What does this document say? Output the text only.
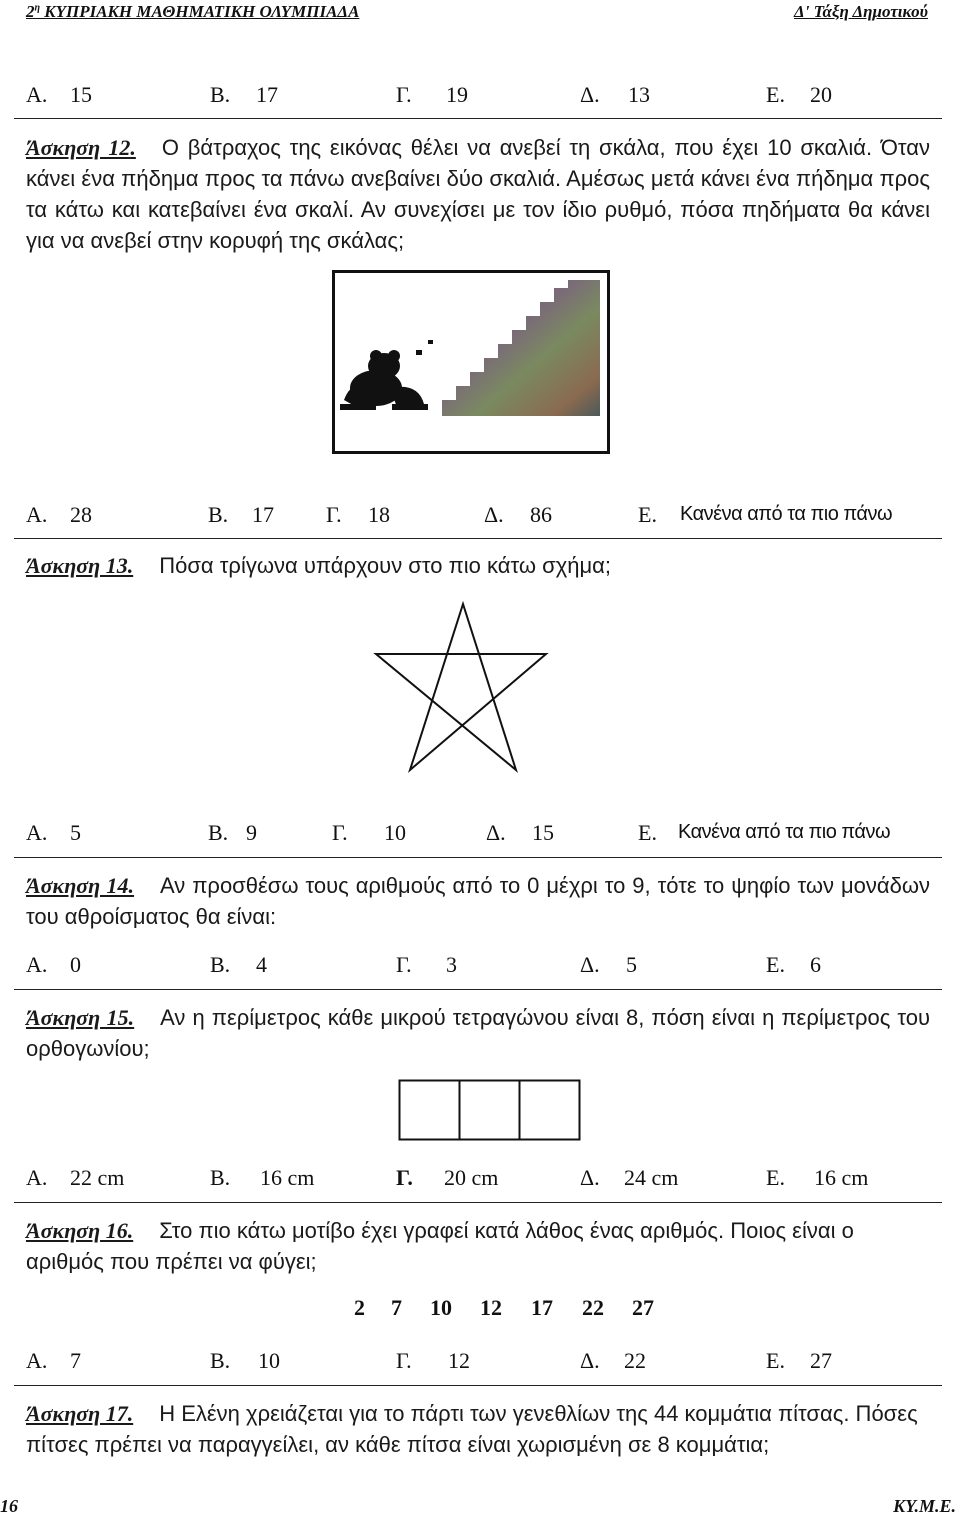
$2^\eta$ ΚΥΠΡΙΑΚΗ ΜΑΘΗΜΑΤΙΚΗ ΟΛΥΜΠΙΑΔΑ	Δ' Τάξη Δημοτικού
Α. 15	Β. 17	Γ. 19	Δ. 13	Ε. 20
Άσκηση 12. Ο βάτραχος της εικόνας θέλει να ανεβεί τη σκάλα, που έχει 10 σκαλιά. Όταν κάνει ένα πήδημα προς τα πάνω ανεβαίνει δύο σκαλιά. Αμέσως μετά κάνει ένα πήδημα προς τα κάτω και κατεβαίνει ένα σκαλί. Αν συνεχίσει με τον ίδιο ρυθμό, πόσα πηδήματα θα κάνει για να ανεβεί στην κορυφή της σκάλας;
Α. 28	Β. 17 Γ. 18	Δ. 86	Ε. Κανένα από τα πιο πάνω
Άσκηση 13. Πόσα τρίγωνα υπάρχουν στο πιο κάτω σχήμα;
Α. 5	Β. 9	Γ. 10	Δ. 15	Ε. Κανένα από τα πιο πάνω
Άσκηση 14. Αν προσθέσω τους αριθμούς από το 0 μέχρι το 9, τότε το ψηφίο των μονάδων του αθροίσματος θα είναι:
Α. 0	Β. 4	Γ. 3	Δ. 5	Ε. 6
Άσκηση 15. Αν η περίμετρος κάθε μικρού τετραγώνου είναι 8, πόση είναι η περίμετρος του ορθογωνίου;
Α. 22 cm	Β. 16 cm	Γ. 20 cm	Δ. 24 cm	Ε. 16 cm
Άσκηση 16. Στο πιο κάτω μοτίβο έχει γραφεί κατά λάθος ένας αριθμός. Ποιος είναι ο αριθμός που πρέπει να φύγει;
2 7 10 12 17 22 27
Α. 7	Β. 10	Γ. 12	Δ. 22	Ε. 27
Άσκηση 17. Η Ελένη χρειάζεται για το πάρτι των γενεθλίων της 44 κομμάτια πίτσας. Πόσες πίτσες πρέπει να παραγγείλει, αν κάθε πίτσα είναι χωρισμένη σε 8 κομμάτια;
16	ΚΥ.Μ.Ε.
